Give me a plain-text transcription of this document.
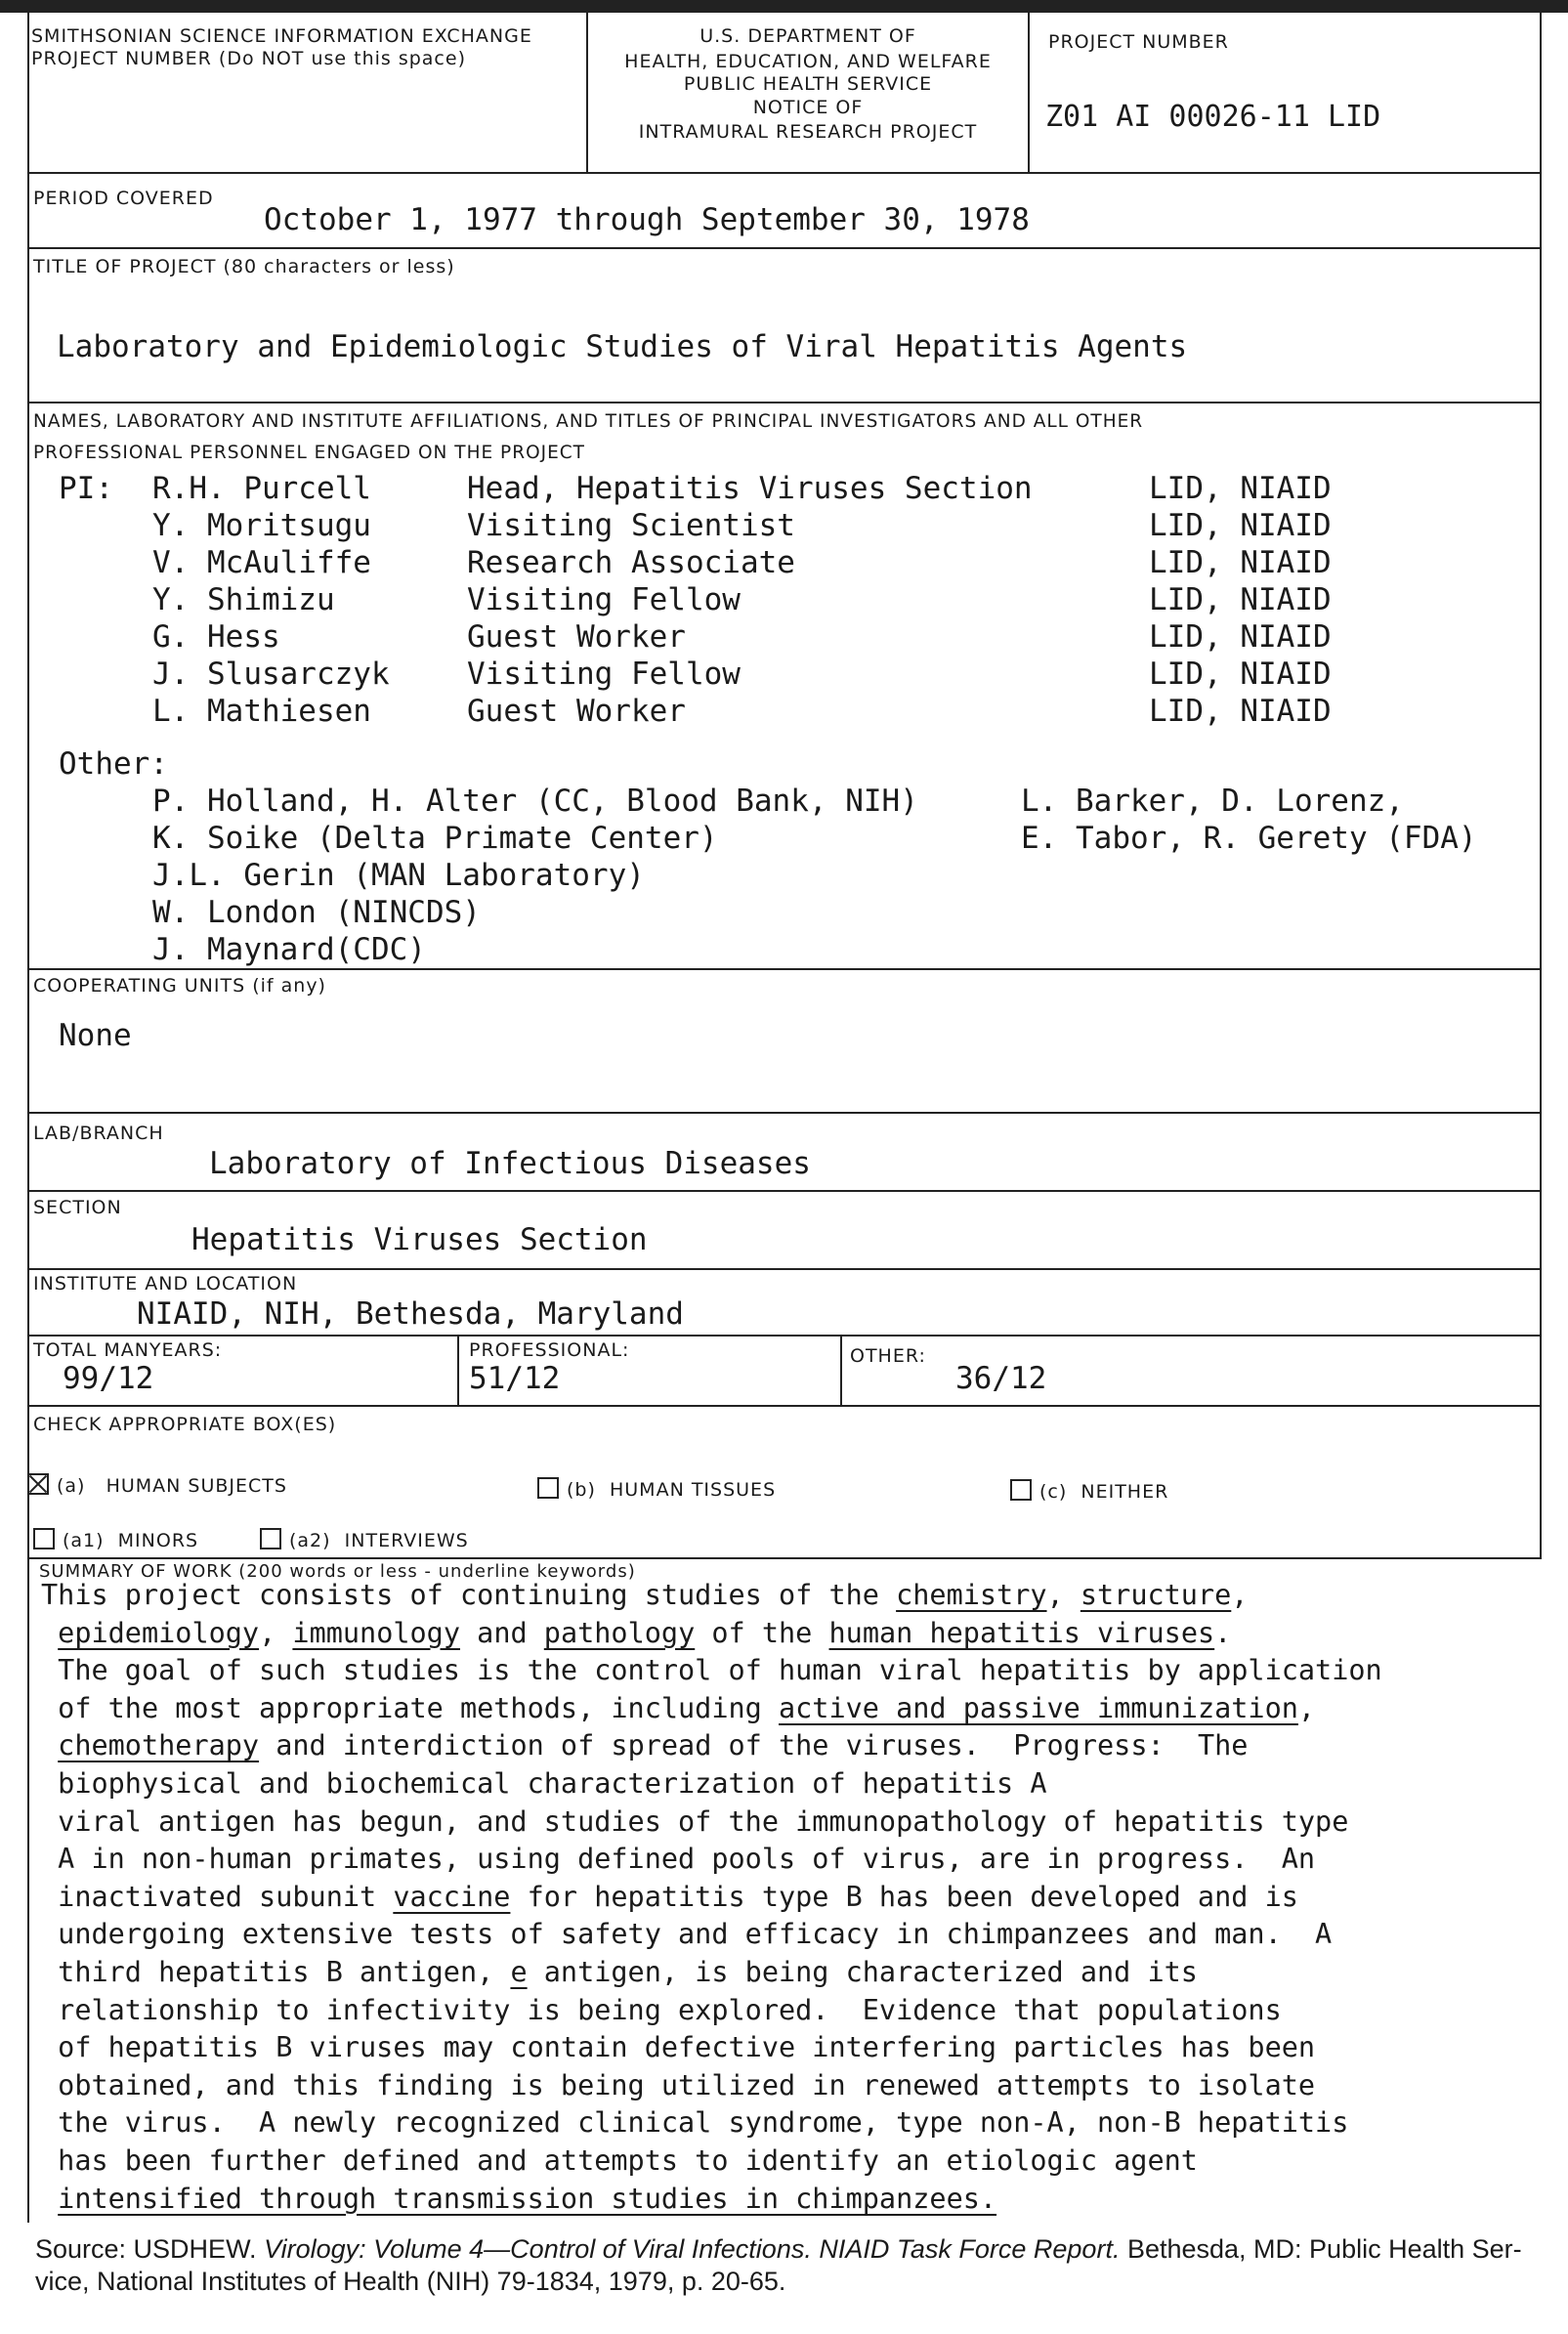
SMITHSONIAN SCIENCE INFORMATION EXCHANGE
PROJECT NUMBER (Do NOT use this space)
U.S. DEPARTMENT OF
HEALTH, EDUCATION, AND WELFARE
PUBLIC HEALTH SERVICE
NOTICE OF
INTRAMURAL RESEARCH PROJECT
PROJECT NUMBER
Z01 AI 00026-11 LID
PERIOD COVERED
October 1, 1977 through September 30, 1978
TITLE OF PROJECT (80 characters or less)
Laboratory and Epidemiologic Studies of Viral Hepatitis Agents
NAMES, LABORATORY AND INSTITUTE AFFILIATIONS, AND TITLES OF PRINCIPAL INVESTIGATORS AND ALL OTHER
PROFESSIONAL PERSONNEL ENGAGED ON THE PROJECT
PI: R.H. Purcell	Head, Hepatitis Viruses Section	LID, NIAID
Y. Moritsugu	Visiting Scientist	LID, NIAID
V. McAuliffe	Research Associate	LID, NIAID
Y. Shimizu	Visiting Fellow	LID, NIAID
G. Hess	Guest Worker	LID, NIAID
J. Slusarczyk	Visiting Fellow	LID, NIAID
L. Mathiesen	Guest Worker	LID, NIAID
Other:
P. Holland, H. Alter (CC, Blood Bank, NIH)
K. Soike (Delta Primate Center)
J.L. Gerin (MAN Laboratory)
W. London (NINCDS)
J. Maynard(CDC)
L. Barker, D. Lorenz,
E. Tabor, R. Gerety (FDA)
COOPERATING UNITS (if any)
None
LAB/BRANCH
Laboratory of Infectious Diseases
SECTION
Hepatitis Viruses Section
INSTITUTE AND LOCATION
NIAID, NIH, Bethesda, Maryland
TOTAL MANYEARS:
99/12
PROFESSIONAL:
51/12
OTHER:
36/12
CHECK APPROPRIATE BOX(ES)
(a) HUMAN SUBJECTS	(b) HUMAN TISSUES	(c) NEITHER
(a1) MINORS	(a2) INTERVIEWS
SUMMARY OF WORK (200 words or less - underline keywords)
This project consists of continuing studies of the chemistry, structure,
epidemiology, immunology and pathology of the human hepatitis viruses.
The goal of such studies is the control of human viral hepatitis by application
of the most appropriate methods, including active and passive immunization,
chemotherapy and interdiction of spread of the viruses.  Progress:  The
biophysical and biochemical characterization of hepatitis A
viral antigen has begun, and studies of the immunopathology of hepatitis type
A in non-human primates, using defined pools of virus, are in progress.  An
inactivated subunit vaccine for hepatitis type B has been developed and is
undergoing extensive tests of safety and efficacy in chimpanzees and man.  A
third hepatitis B antigen, e antigen, is being characterized and its
relationship to infectivity is being explored.  Evidence that populations
of hepatitis B viruses may contain defective interfering particles has been
obtained, and this finding is being utilized in renewed attempts to isolate
the virus.  A newly recognized clinical syndrome, type non-A, non-B hepatitis
has been further defined and attempts to identify an etiologic agent
intensified through transmission studies in chimpanzees.
Source: USDHEW. Virology: Volume 4—Control of Viral Infections. NIAID Task Force Report. Bethesda, MD: Public Health Ser-
vice, National Institutes of Health (NIH) 79-1834, 1979, p. 20-65.
